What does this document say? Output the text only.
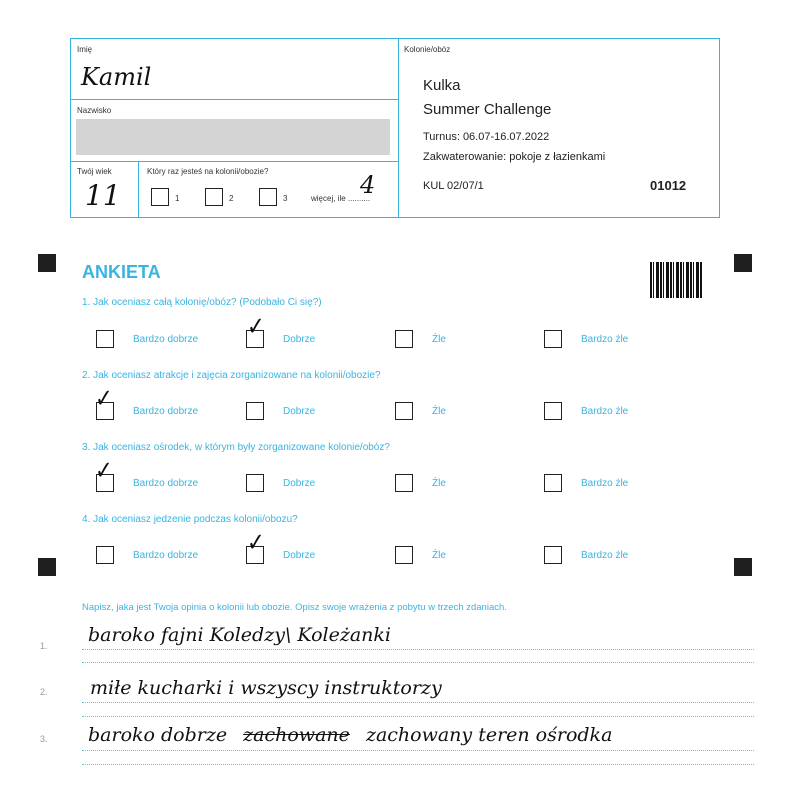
Imię
Kamil
Nazwisko
Twój wiek
11
Który raz jesteś na kolonii/obozie?
1	2	3	więcej, ile ..........
4
Kolonie/obóz
Kulka
Summer Challenge
Turnus: 06.07-16.07.2022
Zakwaterowanie: pokoje z łazienkami
KUL 02/07/1	01012
ANKIETA
1. Jak oceniasz całą kolonię/obóz? (Podobało Ci się?)
Bardzo dobrze ✓ Dobrze	Źle	Bardzo źle
2. Jak oceniasz atrakcje i zajęcia zorganizowane na kolonii/obozie?
✓ Bardzo dobrze	Dobrze	Źle	Bardzo źle
3. Jak oceniasz ośrodek, w którym były zorganizowane kolonie/obóz?
✓ Bardzo dobrze	Dobrze	Źle	Bardzo źle
4. Jak oceniasz jedzenie podczas kolonii/obozu?
Bardzo dobrze ✓ Dobrze	Źle	Bardzo źle
Napisz, jaka jest Twoja opinia o kolonii lub obozie. Opisz swoje wrażenia z pobytu w trzech zdaniach.
1. baroko fajni Koledzy\ Koleżanki
2. miłe kucharki i wszyscy instruktorzy
3. baroko dobrze zachowane zachowany teren ośrodka
